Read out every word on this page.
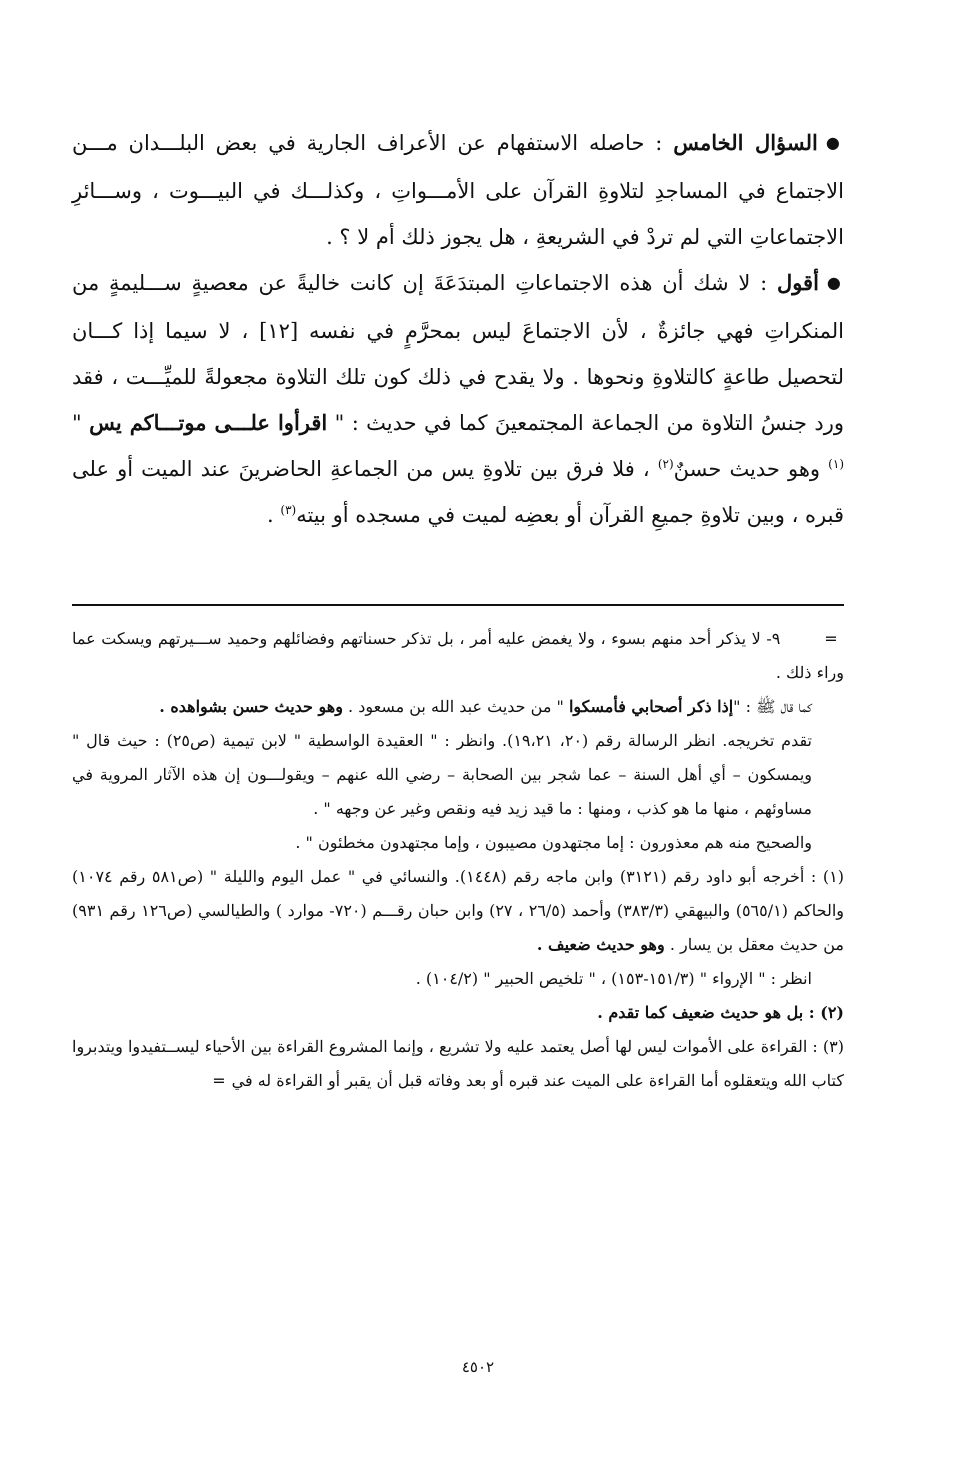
●السؤال الخامس : حاصله الاستفهام عن الأعراف الجارية في بعض البلـــدان مـــن الاجتماع في المساجدِ لتلاوةِ القرآن على الأمـــواتِ ، وكذلـــك في البيـــوت ، وســـائرِ الاجتماعاتِ التي لم تردْ في الشريعةِ ، هل يجوز ذلك أم لا ؟ .

●أقول : لا شك أن هذه الاجتماعاتِ المبتدَعَةَ إن كانت خاليةً عن معصيةٍ ســـليمةٍ من المنكراتِ فهي جائزةٌ ، لأن الاجتماعَ ليس بمحرَّمٍ في نفسه [١٢] ، لا سيما إذا كـــان لتحصيل طاعةٍ كالتلاوةِ ونحوها . ولا يقدح في ذلك كون تلك التلاوة مجعولةً للميِّـــت ، فقد ورد جنسُ التلاوة من الجماعة المجتمعينَ كما في حديث : " اقرأوا علـــى موتـــاكم يس "$^{(١)}$ وهو حديث حسنٌ$^{(٢)}$ ، فلا فرق بين تلاوةِ يس من الجماعةِ الحاضرينَ عند الميت أو على قبره ، وبين تلاوةِ جميعِ القرآن أو بعضِه لميت في مسجده أو بيته$^{(٣)}$ .

= ٩- لا يذكر أحد منهم بسوء ، ولا يغمض عليه أمر ، بل تذكر حسناتهم وفضائلهم وحميد ســـيرتهم ويسكت عما وراء ذلك .

كما قال ﷺ : "إذا ذكر أصحابي فأمسكوا " من حديث عبد الله بن مسعود . وهو حديث حسن بشواهده .

تقدم تخريجه. انظر الرسالة رقم (٢٠، ١٩،٢١). وانظر : " العقيدة الواسطية " لابن تيمية (ص٢٥) : حيث قال " ويمسكون – أي أهل السنة – عما شجر بين الصحابة – رضي الله عنهم – ويقولـــون إن هذه الآثار المروية في مساوئهم ، منها ما هو كذب ، ومنها : ما قيد زيد فيه ونقص وغير عن وجهه " .

والصحيح منه هم معذورون : إما مجتهدون مصيبون ، وإما مجتهدون مخطئون " .

(١) : أخرجه أبو داود رقم (٣١٢١) وابن ماجه رقم (١٤٤٨). والنسائي في " عمل اليوم والليلة " (ص٥٨١ رقم ١٠٧٤) والحاكم (٥٦٥/١) والبيهقي (٣٨٣/٣) وأحمد (٢٦/٥ ، ٢٧) وابن حبان رقـــم (٧٢٠- موارد ) والطيالسي (ص١٢٦ رقم ٩٣١) من حديث معقل بن يسار . وهو حديث ضعيف .

انظر : " الإرواء " (١٥١/٣-١٥٣) ، " تلخيص الحبير " (١٠٤/٢) .

(٢) : بل هو حديث ضعيف كما تقدم .

(٣) : القراءة على الأموات ليس لها أصل يعتمد عليه ولا تشريع ، وإنما المشروع القراءة بين الأحياء ليســتفيدوا ويتدبروا كتاب الله ويتعقلوه أما القراءة على الميت عند قبره أو بعد وفاته قبل أن يقبر أو القراءة له في=

٤٥٠٢
